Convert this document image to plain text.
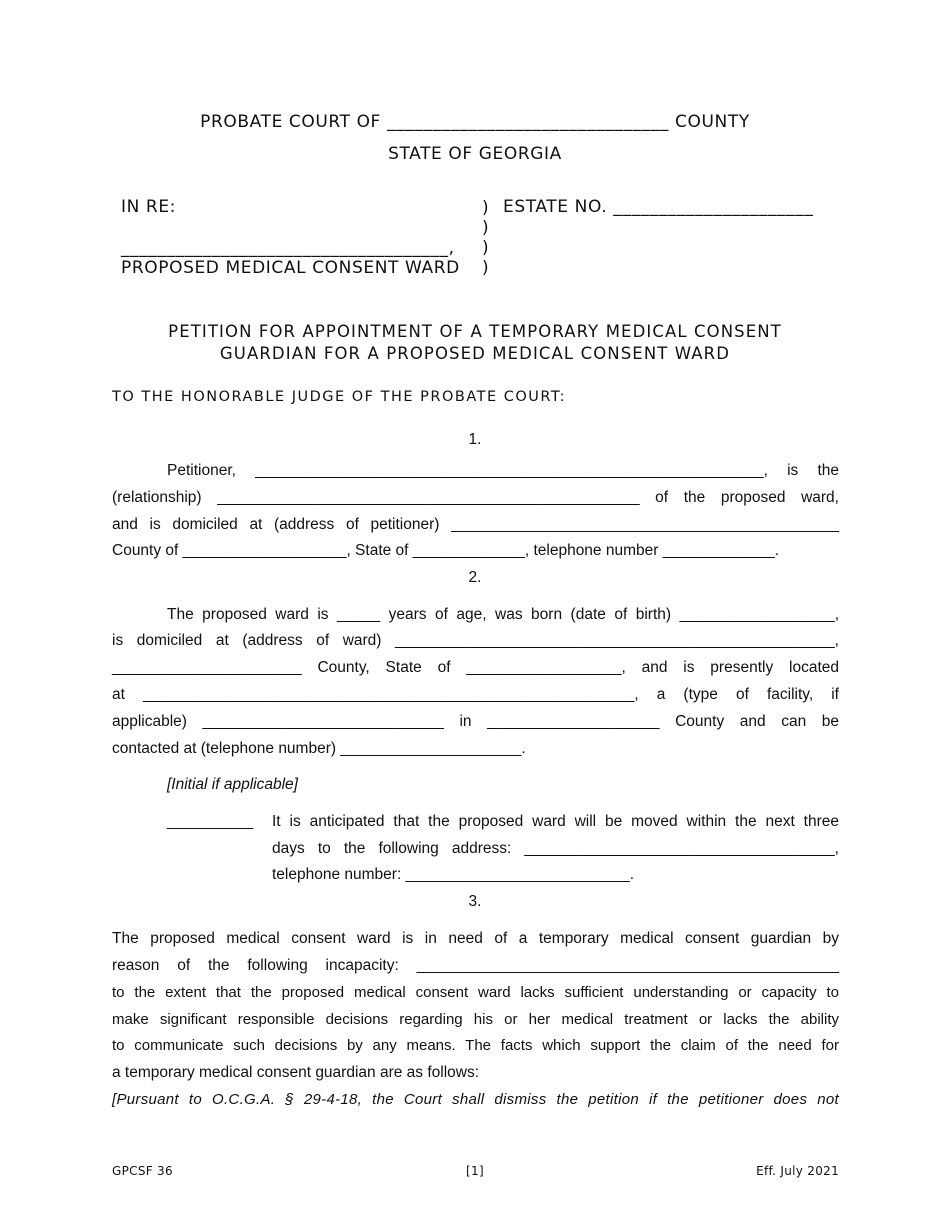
PROBATE COURT OF _______________________________ COUNTY
STATE OF GEORGIA
IN RE:	ESTATE NO. ______________________
____________________________________,
PROPOSED MEDICAL CONSENT WARD
)
)
)
)
PETITION FOR APPOINTMENT OF A TEMPORARY MEDICAL CONSENT
GUARDIAN FOR A PROPOSED MEDICAL CONSENT WARD
TO THE HONORABLE JUDGE OF THE PROBATE COURT:
1.
Petitioner, ___________________________________________________________, is the
(relationship) _________________________________________________ of the proposed ward,
and is domiciled at (address of petitioner) _____________________________________________
County of ___________________, State of _____________, telephone number _____________.
2.
The proposed ward is _____ years of age, was born (date of birth) __________________,
is domiciled at (address of ward) ___________________________________________________,
______________________ County, State of __________________, and is presently located
at _________________________________________________________, a (type of facility, if
applicable) ____________________________ in ____________________ County and can be
contacted at (telephone number) _____________________.
[Initial if applicable]
__________ It is anticipated that the proposed ward will be moved within the next three
days to the following address: ____________________________________,
telephone number: __________________________.
3.
The proposed medical consent ward is in need of a temporary medical consent guardian by
reason of the following incapacity: _________________________________________________
to the extent that the proposed medical consent ward lacks sufficient understanding or capacity to
make significant responsible decisions regarding his or her medical treatment or lacks the ability
to communicate such decisions by any means. The facts which support the claim of the need for
a temporary medical consent guardian are as follows:
[Pursuant to O.C.G.A. § 29-4-18, the Court shall dismiss the petition if the petitioner does not
GPCSF 36	[1]	Eff. July 2021
